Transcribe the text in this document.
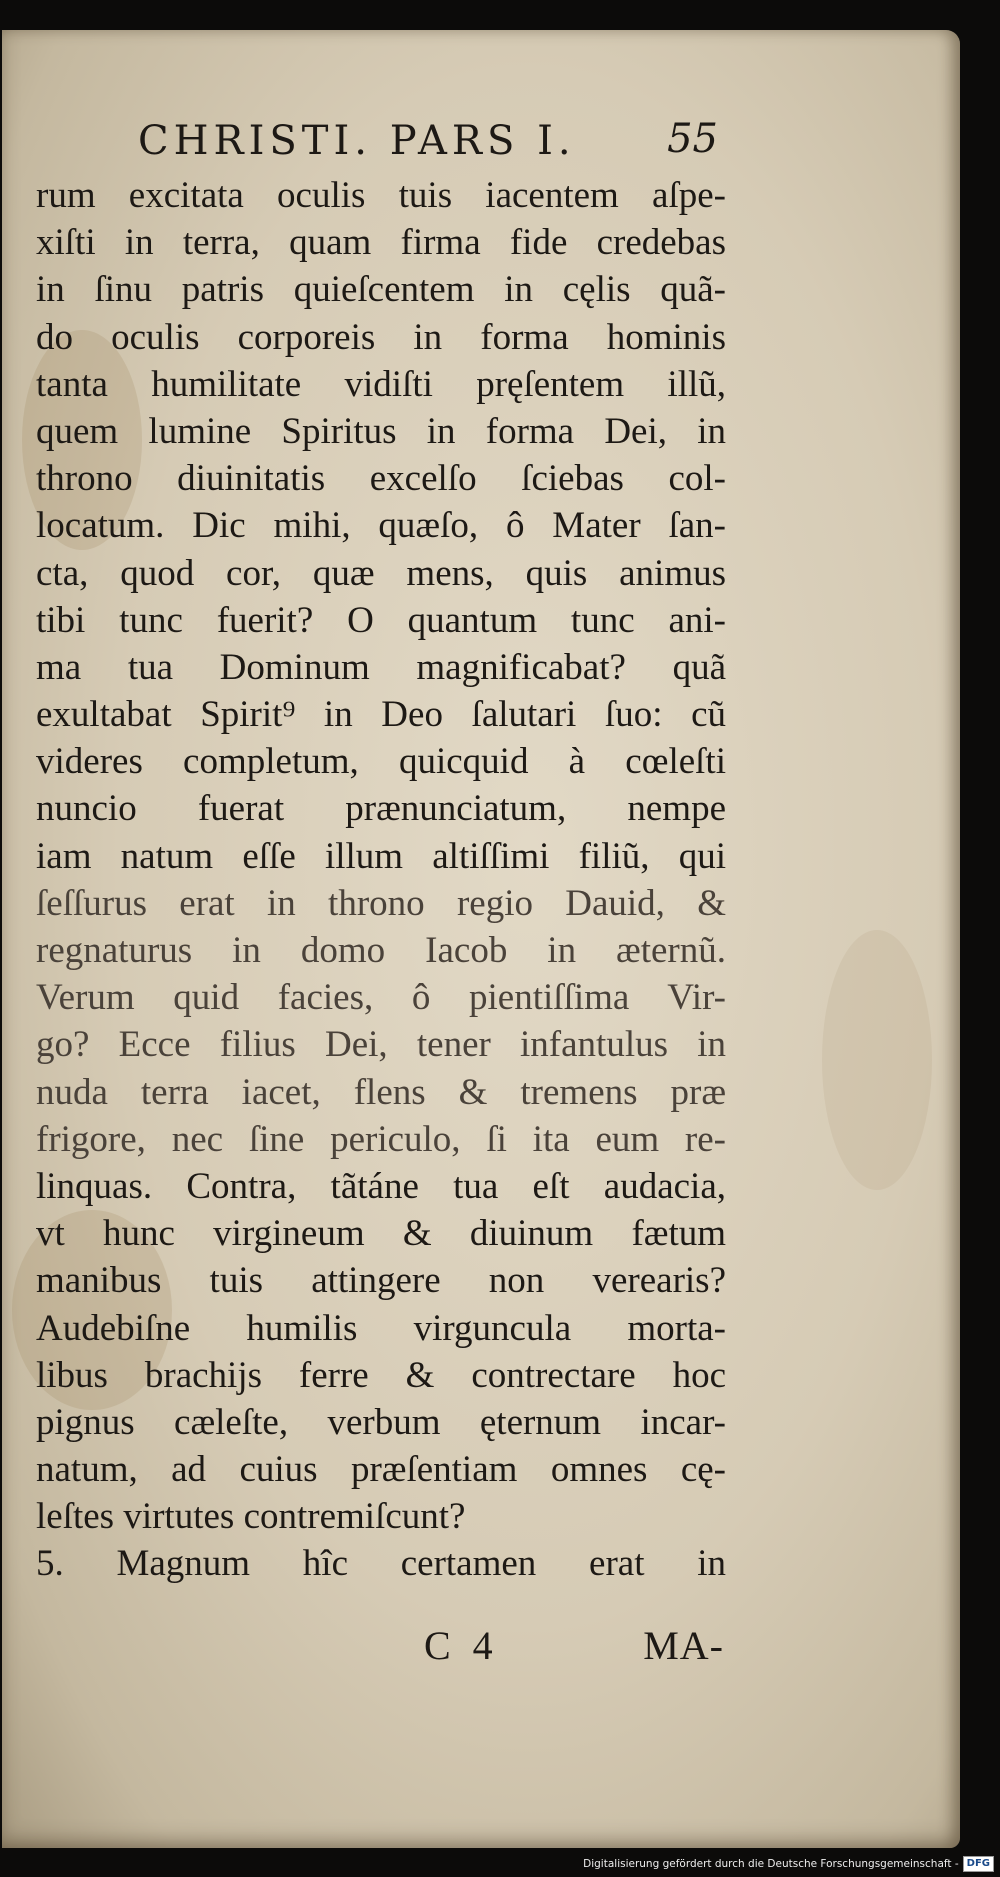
CHRISTI. PARS I. 55
rum excitata oculis tuis iacentem aſpe-
xiſti in terra, quam firma fide credebas
in ſinu patris quieſcentem in cęlis quã-
do oculis corporeis in forma hominis
tanta humilitate vidiſti pręſentem illũ,
quem lumine Spiritus in forma Dei, in
throno diuinitatis excelſo ſciebas col-
locatum. Dic mihi, quæſo, ô Mater ſan-
cta, quod cor, quæ mens, quis animus
tibi tunc fuerit? O quantum tunc ani-
ma tua Dominum magnificabat? quã
exultabat Spirit⁹ in Deo ſalutari ſuo: cũ
videres completum, quicquid à cœleſti
nuncio fuerat prænunciatum, nempe
iam natum eſſe illum altiſſimi filiũ, qui
ſeſſurus erat in throno regio Dauid, &
regnaturus in domo Iacob in æternũ.
Verum quid facies, ô pientiſſima Vir-
go? Ecce filius Dei, tener infantulus in
nuda terra iacet, flens & tremens præ
frigore, nec ſine periculo, ſi ita eum re-
linquas. Contra, tãtáne tua eſt audacia,
vt hunc virgineum & diuinum fætum
manibus tuis attingere non verearis?
Audebiſne humilis virguncula morta-
libus brachijs ferre & contrectare hoc
pignus cæleſte, verbum ęternum incar-
natum, ad cuius præſentiam omnes cę-
leſtes virtutes contremiſcunt?
5. Magnum hîc certamen erat in
C 4	MA-
Digitalisierung gefördert durch die Deutsche Forschungsgemeinschaft - DFG
